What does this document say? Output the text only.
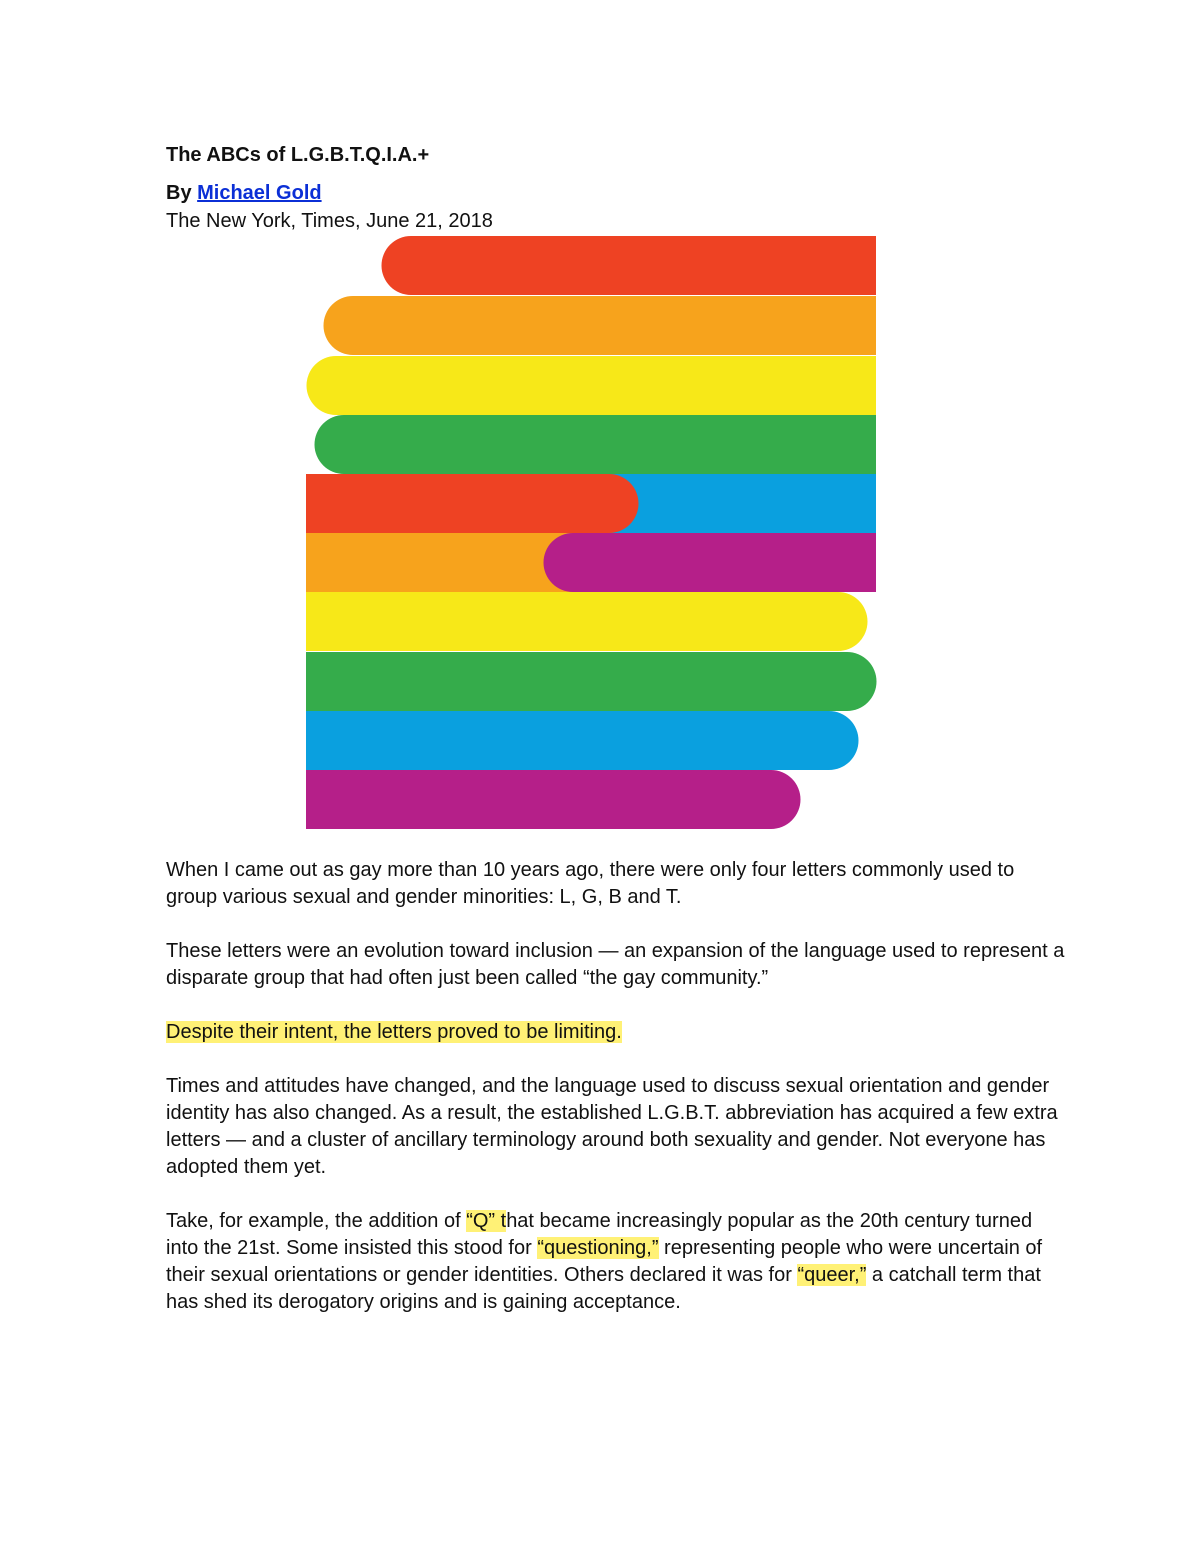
The ABCs of L.G.B.T.Q.I.A.+
By Michael Gold
The New York, Times, June 21, 2018

When I came out as gay more than 10 years ago, there were only four letters commonly used to group various sexual and gender minorities: L, G, B and T.

These letters were an evolution toward inclusion — an expansion of the language used to represent a disparate group that had often just been called “the gay community.”

Despite their intent, the letters proved to be limiting.

Times and attitudes have changed, and the language used to discuss sexual orientation and gender identity has also changed. As a result, the established L.G.B.T. abbreviation has acquired a few extra letters — and a cluster of ancillary terminology around both sexuality and gender. Not everyone has adopted them yet.

Take, for example, the addition of “Q” that became increasingly popular as the 20th century turned into the 21st. Some insisted this stood for “questioning,” representing people who were uncertain of their sexual orientations or gender identities. Others declared it was for “queer,” a catchall term that has shed its derogatory origins and is gaining acceptance.
